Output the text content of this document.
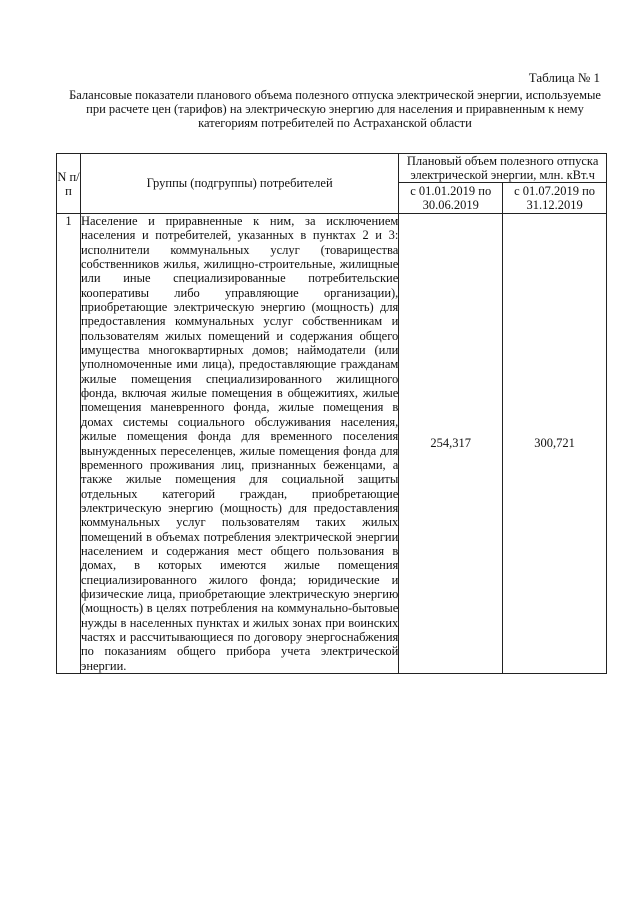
Таблица № 1
Балансовые показатели планового объема полезного отпуска электрической энергии, используемые при расчете цен (тарифов) на электрическую энергию для населения и приравненным к нему категориям потребителей по Астраханской области
N п/п	Группы (подгруппы) потребителей	Плановый объем полезного отпуска электрической энергии, млн. кВт.ч	
		с 01.01.2019 по 30.06.2019	с 01.07.2019 по 31.12.2019
1	Население и приравненные к ним, за исключением населения и потребителей, указанных в пунктах 2 и 3: исполнители коммунальных услуг (товарищества собственников жилья, жилищно-строительные, жилищные или иные специализированные потребительские кооперативы либо управляющие организации), приобретающие электрическую энергию (мощность) для предоставления коммунальных услуг собственникам и пользователям жилых помещений и содержания общего имущества многоквартирных домов; наймодатели (или уполномоченные ими лица), предоставляющие гражданам жилые помещения специализированного жилищного фонда, включая жилые помещения в общежитиях, жилые помещения маневренного фонда, жилые помещения в домах системы социального обслуживания населения, жилые помещения фонда для временного поселения вынужденных переселенцев, жилые помещения фонда для временного проживания лиц, признанных беженцами, а также жилые помещения для социальной защиты отдельных категорий граждан, приобретающие электрическую энергию (мощность) для предоставления коммунальных услуг пользователям таких жилых помещений в объемах потребления электрической энергии населением и содержания мест общего пользования в домах, в которых имеются жилые помещения специализированного жилого фонда; юридические и физические лица, приобретающие электрическую энергию (мощность) в целях потребления на коммунально-бытовые нужды в населенных пунктах и жилых зонах при воинских частях и рассчитывающиеся по договору энергоснабжения по показаниям общего прибора учета электрической энергии.	254,317	300,721
